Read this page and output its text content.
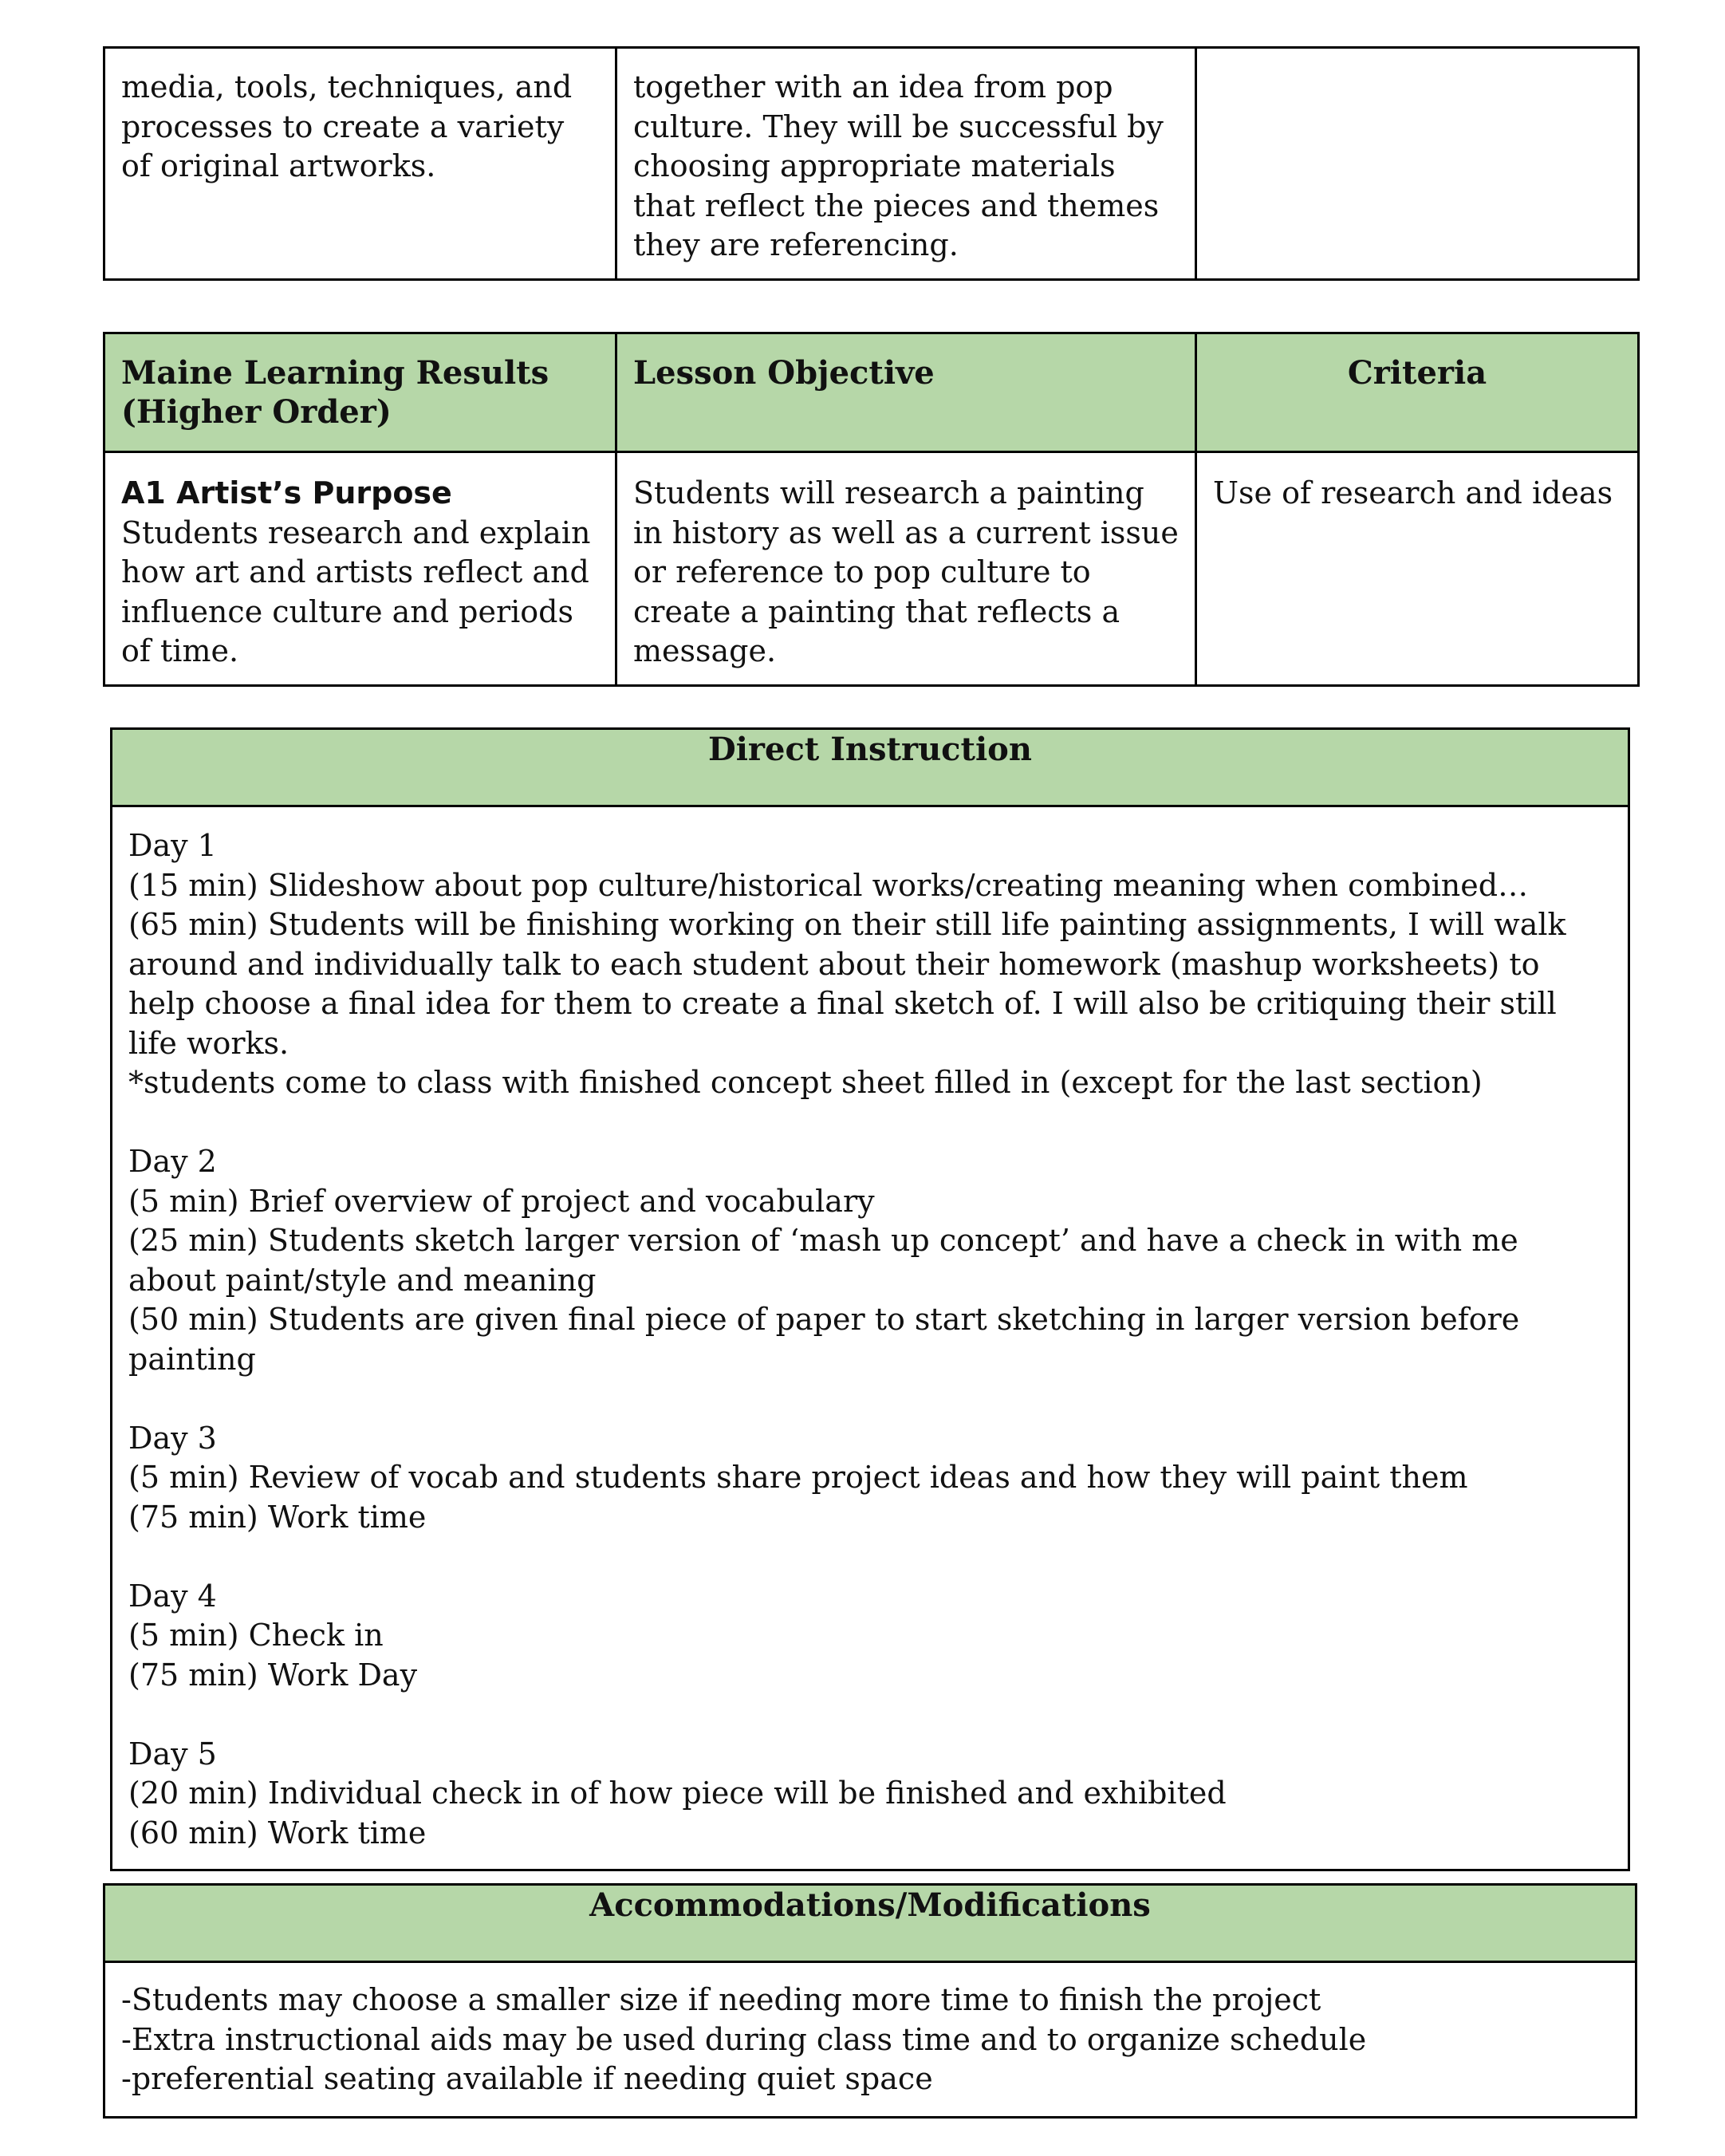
media, tools, techniques, and processes to create a variety of original artworks.	together with an idea from pop culture. They will be successful by choosing appropriate materials that reflect the pieces and themes they are referencing.	
Maine Learning Results (Higher Order)	Lesson Objective	Criteria

A1 Artist’s Purpose
Students research and explain how art and artists reflect and influence culture and periods of time.	Students will research a painting in history as well as a current issue or reference to pop culture to create a painting that reflects a message.	Use of research and ideas
Direct Instruction

Day 1
(15 min) Slideshow about pop culture/historical works/creating meaning when combined…
(65 min) Students will be finishing working on their still life painting assignments, I will walk around and individually talk to each student about their homework (mashup worksheets) to help choose a final idea for them to create a final sketch of. I will also be critiquing their still life works.
*students come to class with finished concept sheet filled in (except for the last section)
Day 2
(5 min) Brief overview of project and vocabulary
(25 min) Students sketch larger version of ‘mash up concept’ and have a check in with me about paint/style and meaning
(50 min) Students are given final piece of paper to start sketching in larger version before painting
Day 3
(5 min) Review of vocab and students share project ideas and how they will paint them
(75 min) Work time
Day 4
(5 min) Check in
(75 min) Work Day
Day 5
(20 min) Individual check in of how piece will be finished and exhibited
(60 min) Work time
Accommodations/Modifications

-Students may choose a smaller size if needing more time to finish the project
-Extra instructional aids may be used during class time and to organize schedule
-preferential seating available if needing quiet space
